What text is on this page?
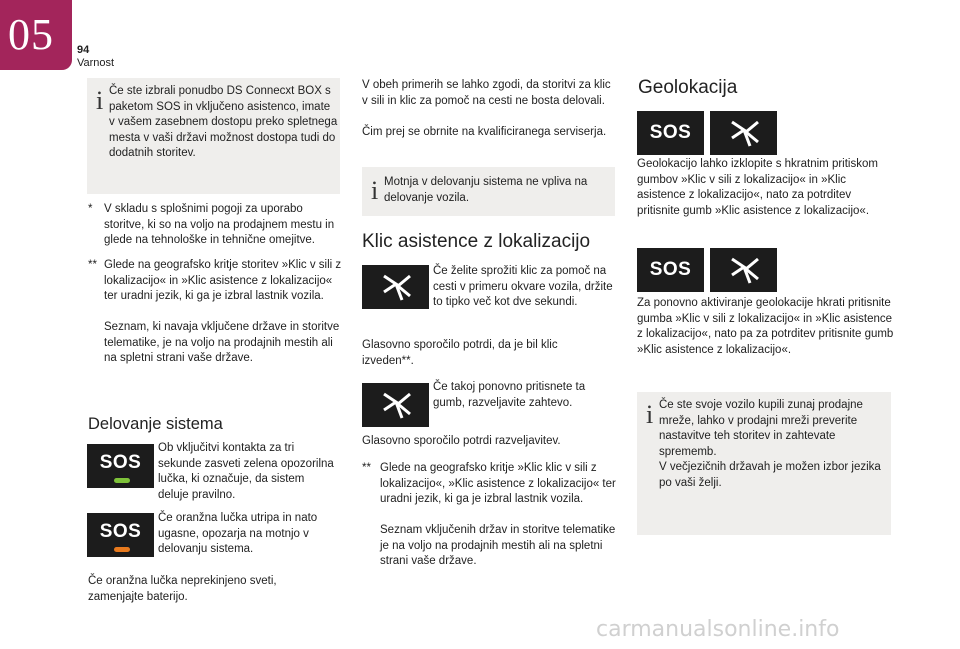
05 94
Varnost
i Če ste izbrali ponudbo DS Connecxt BOX s paketom SOS in vključeno asistenco, imate v vašem zasebnem dostopu preko spletnega mesta v vaši državi možnost dostopa tudi do dodatnih storitev.
* V skladu s splošnimi pogoji za uporabo storitve, ki so na voljo na prodajnem mestu in glede na tehnološke in tehnične omejitve.
** Glede na geografsko kritje storitev »Klic v sili z lokalizacijo« in »Klic asistence z lokalizacijo« ter uradni jezik, ki ga je izbral lastnik vozila.
Seznam, ki navaja vključene države in storitve telematike, je na voljo na prodajnih mestih ali na spletni strani vaše države.
Delovanje sistema
SOS
Ob vključitvi kontakta za tri sekunde zasveti zelena opozorilna lučka, ki označuje, da sistem deluje pravilno.
SOS
Če oranžna lučka utripa in nato ugasne, opozarja na motnjo v delovanju sistema.
Če oranžna lučka neprekinjeno sveti, zamenjajte baterijo.
V obeh primerih se lahko zgodi, da storitvi za klic v sili in klic za pomoč na cesti ne bosta delovali.
Čim prej se obrnite na kvalificiranega serviserja.
i Motnja v delovanju sistema ne vpliva na delovanje vozila.
Klic asistence z lokalizacijo
Če želite sprožiti klic za pomoč na cesti v primeru okvare vozila, držite to tipko več kot dve sekundi.
Glasovno sporočilo potrdi, da je bil klic izveden**.
Če takoj ponovno pritisnete ta gumb, razveljavite zahtevo.
Glasovno sporočilo potrdi razveljavitev.
** Glede na geografsko kritje »Klic klic v sili z lokalizacijo«, »Klic asistence z lokalizacijo« ter uradni jezik, ki ga je izbral lastnik vozila.
Seznam vključenih držav in storitve telematike je na voljo na prodajnih mestih ali na spletni strani vaše države.
Geolokacija
SOS
Geolokacijo lahko izklopite s hkratnim pritiskom gumbov »Klic v sili z lokalizacijo« in »Klic asistence z lokalizacijo«, nato za potrditev pritisnite gumb »Klic asistence z lokalizacijo«.
SOS
Za ponovno aktiviranje geolokacije hkrati pritisnite gumba »Klic v sili z lokalizacijo« in »Klic asistence z lokalizacijo«, nato pa za potrditev pritisnite gumb »Klic asistence z lokalizacijo«.
i Če ste svoje vozilo kupili zunaj prodajne mreže, lahko v prodajni mreži preverite nastavitve teh storitev in zahtevate sprememb.
V večjezičnih državah je možen izbor jezika po vaši želji.
carmanualsonline.info
